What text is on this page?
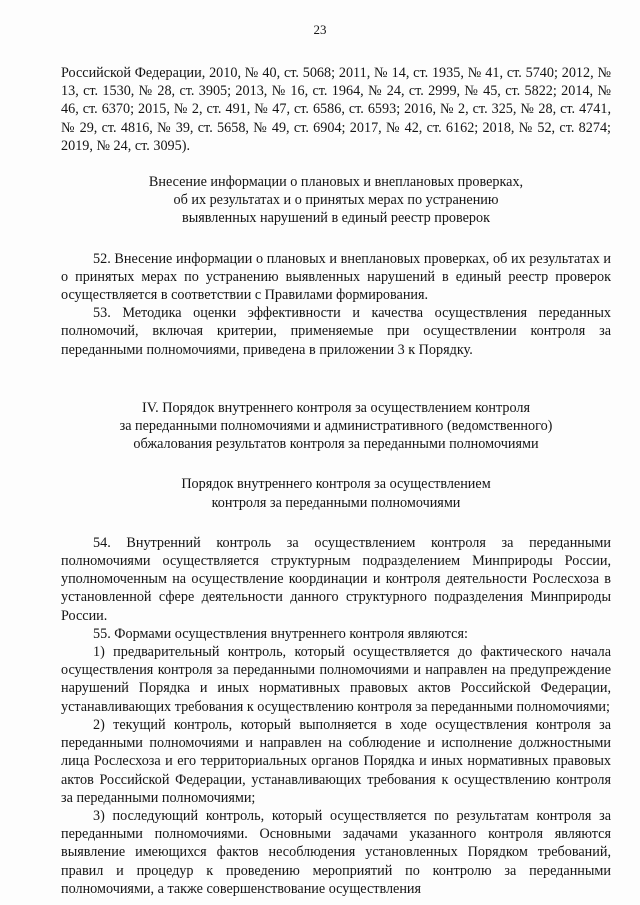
23

Российской Федерации, 2010, № 40, ст. 5068; 2011, № 14, ст. 1935, № 41, ст. 5740; 2012, № 13, ст. 1530, № 28, ст. 3905; 2013, № 16, ст. 1964, № 24, ст. 2999, № 45, ст. 5822; 2014, № 46, ст. 6370; 2015, № 2, ст. 491, № 47, ст. 6586, ст. 6593; 2016, № 2, ст. 325, № 28, ст. 4741, № 29, ст. 4816, № 39, ст. 5658, № 49, ст. 6904; 2017, № 42, ст. 6162; 2018, № 52, ст. 8274; 2019, № 24, ст. 3095).

Внесение информации о плановых и внеплановых проверках,
об их результатах и о принятых мерах по устранению
выявленных нарушений в единый реестр проверок

52. Внесение информации о плановых и внеплановых проверках, об их результатах и о принятых мерах по устранению выявленных нарушений в единый реестр проверок осуществляется в соответствии с Правилами формирования.

53. Методика оценки эффективности и качества осуществления переданных полномочий, включая критерии, применяемые при осуществлении контроля за переданными полномочиями, приведена в приложении 3 к Порядку.

IV. Порядок внутреннего контроля за осуществлением контроля
за переданными полномочиями и административного (ведомственного)
обжалования результатов контроля за переданными полномочиями
Порядок внутреннего контроля за осуществлением
контроля за переданными полномочиями

54. Внутренний контроль за осуществлением контроля за переданными полномочиями осуществляется структурным подразделением Минприроды России, уполномоченным на осуществление координации и контроля деятельности Рослесхоза в установленной сфере деятельности данного структурного подразделения Минприроды России.

55. Формами осуществления внутреннего контроля являются:

1) предварительный контроль, который осуществляется до фактического начала осуществления контроля за переданными полномочиями и направлен на предупреждение нарушений Порядка и иных нормативных правовых актов Российской Федерации, устанавливающих требования к осуществлению контроля за переданными полномочиями;

2) текущий контроль, который выполняется в ходе осуществления контроля за переданными полномочиями и направлен на соблюдение и исполнение должностными лица Рослесхоза и его территориальных органов Порядка и иных нормативных правовых актов Российской Федерации, устанавливающих требования к осуществлению контроля за переданными полномочиями;

3) последующий контроль, который осуществляется по результатам контроля за переданными полномочиями. Основными задачами указанного контроля являются выявление имеющихся фактов несоблюдения установленных Порядком требований, правил и процедур к проведению мероприятий по контролю за переданными полномочиями, а также совершенствование осуществления
